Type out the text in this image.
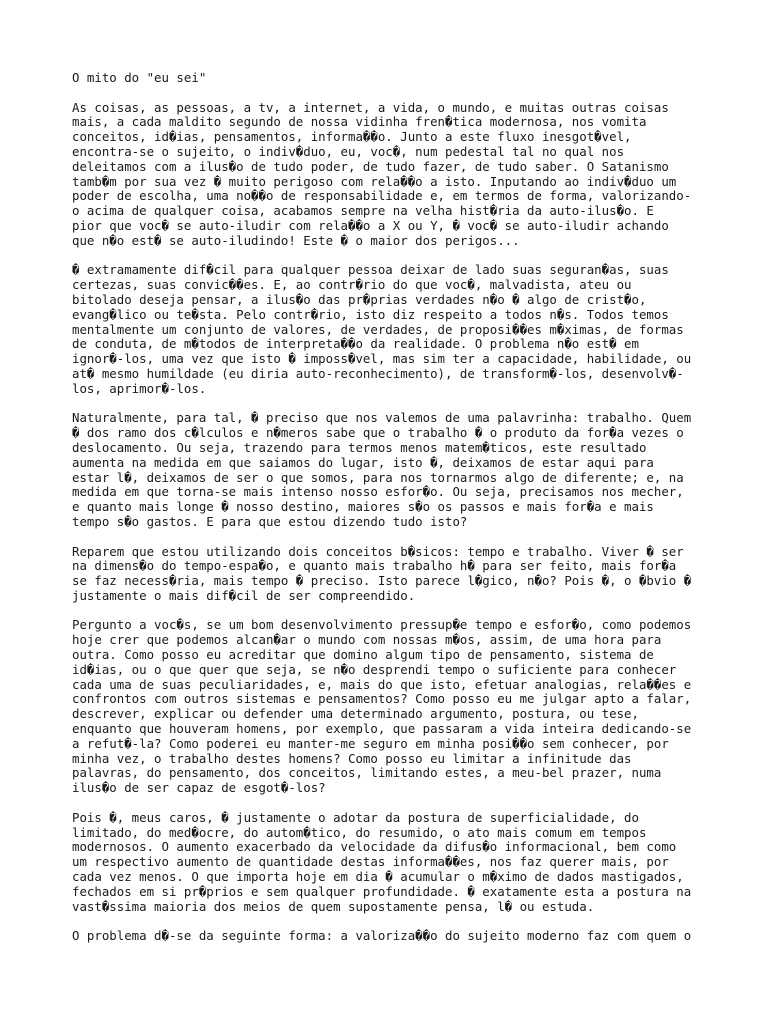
O mito do "eu sei"
As coisas, as pessoas, a tv, a internet, a vida, o mundo, e muitas outras coisas
mais, a cada maldito segundo de nossa vidinha fren�tica modernosa, nos vomita
conceitos, id�ias, pensamentos, informa��o. Junto a este fluxo inesgot�vel,
encontra-se o sujeito, o indiv�duo, eu, voc�, num pedestal tal no qual nos
deleitamos com a ilus�o de tudo poder, de tudo fazer, de tudo saber. O Satanismo
tamb�m por sua vez � muito perigoso com rela��o a isto. Inputando ao indiv�duo um
poder de escolha, uma no��o de responsabilidade e, em termos de forma, valorizando-
o acima de qualquer coisa, acabamos sempre na velha hist�ria da auto-ilus�o. E
pior que voc� se auto-iludir com rela��o a X ou Y, � voc� se auto-iludir achando
que n�o est� se auto-iludindo! Este � o maior dos perigos...
� extramamente dif�cil para qualquer pessoa deixar de lado suas seguran�as, suas
certezas, suas convic��es. E, ao contr�rio do que voc�, malvadista, ateu ou
bitolado deseja pensar, a ilus�o das pr�prias verdades n�o � algo de crist�o,
evang�lico ou te�sta. Pelo contr�rio, isto diz respeito a todos n�s. Todos temos
mentalmente um conjunto de valores, de verdades, de proposi��es m�ximas, de formas
de conduta, de m�todos de interpreta��o da realidade. O problema n�o est� em
ignor�-los, uma vez que isto � imposs�vel, mas sim ter a capacidade, habilidade, ou
at� mesmo humildade (eu diria auto-reconhecimento), de transform�-los, desenvolv�-
los, aprimor�-los.
Naturalmente, para tal, � preciso que nos valemos de uma palavrinha: trabalho. Quem
� dos ramo dos c�lculos e n�meros sabe que o trabalho � o produto da for�a vezes o
deslocamento. Ou seja, trazendo para termos menos matem�ticos, este resultado
aumenta na medida em que saiamos do lugar, isto �, deixamos de estar aqui para
estar l�, deixamos de ser o que somos, para nos tornarmos algo de diferente; e, na
medida em que torna-se mais intenso nosso esfor�o. Ou seja, precisamos nos mecher,
e quanto mais longe � nosso destino, maiores s�o os passos e mais for�a e mais
tempo s�o gastos. E para que estou dizendo tudo isto?
Reparem que estou utilizando dois conceitos b�sicos: tempo e trabalho. Viver � ser
na dimens�o do tempo-espa�o, e quanto mais trabalho h� para ser feito, mais for�a
se faz necess�ria, mais tempo � preciso. Isto parece l�gico, n�o? Pois �, o �bvio �
justamente o mais dif�cil de ser compreendido.
Pergunto a voc�s, se um bom desenvolvimento pressup�e tempo e esfor�o, como podemos
hoje crer que podemos alcan�ar o mundo com nossas m�os, assim, de uma hora para
outra. Como posso eu acreditar que domino algum tipo de pensamento, sistema de
id�ias, ou o que quer que seja, se n�o desprendi tempo o suficiente para conhecer
cada uma de suas peculiaridades, e, mais do que isto, efetuar analogias, rela��es e
confrontos com outros sistemas e pensamentos? Como posso eu me julgar apto a falar,
descrever, explicar ou defender uma determinado argumento, postura, ou tese,
enquanto que houveram homens, por exemplo, que passaram a vida inteira dedicando-se
a refut�-la? Como poderei eu manter-me seguro em minha posi��o sem conhecer, por
minha vez, o trabalho destes homens? Como posso eu limitar a infinitude das
palavras, do pensamento, dos conceitos, limitando estes, a meu-bel prazer, numa
ilus�o de ser capaz de esgot�-los?
Pois �, meus caros, � justamente o adotar da postura de superficialidade, do
limitado, do med�ocre, do autom�tico, do resumido, o ato mais comum em tempos
modernosos. O aumento exacerbado da velocidade da difus�o informacional, bem como
um respectivo aumento de quantidade destas informa��es, nos faz querer mais, por
cada vez menos. O que importa hoje em dia � acumular o m�ximo de dados mastigados,
fechados em si pr�prios e sem qualquer profundidade. � exatamente esta a postura na
vast�ssima maioria dos meios de quem supostamente pensa, l� ou estuda.
O problema d�-se da seguinte forma: a valoriza��o do sujeito moderno faz com quem o
